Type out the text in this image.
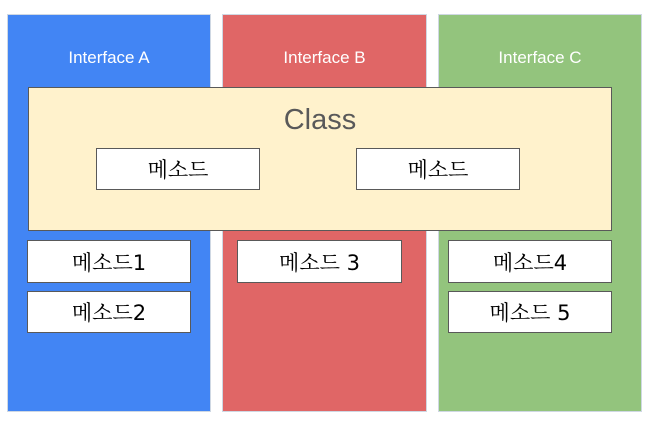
Interface A	Interface B	Interface C
Class
메소드	메소드
메소드1
메소드2
메소드 3	메소드4
메소드 5
